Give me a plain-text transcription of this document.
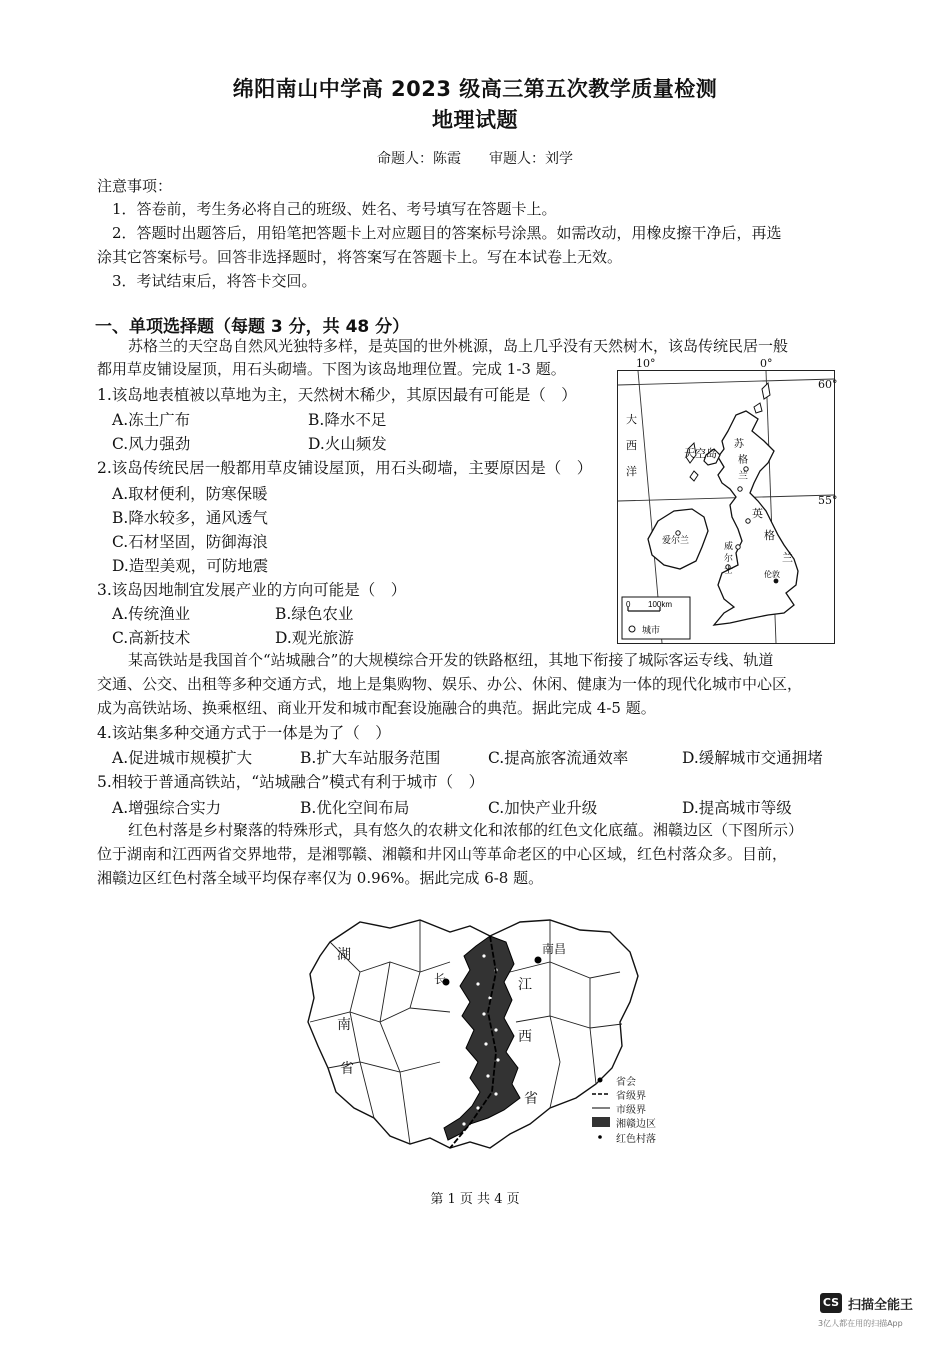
绵阳南山中学高 2023 级高三第五次教学质量检测
地理试题
命题人：陈霞　　审题人：刘学
注意事项：
1．答卷前，考生务必将自己的班级、姓名、考号填写在答题卡上。
2．答题时出题答后，用铅笔把答题卡上对应题目的答案标号涂黑。如需改动，用橡皮擦干净后，再选
涂其它答案标号。回答非选择题时，将答案写在答题卡上。写在本试卷上无效。
3．考试结束后，将答卡交回。
一、单项选择题（每题 3 分，共 48 分）
苏格兰的天空岛自然风光独特多样，是英国的世外桃源，岛上几乎没有天然树木，该岛传统民居一般
都用草皮铺设屋顶，用石头砌墙。下图为该岛地理位置。完成 1-3 题。
1.该岛地表植被以草地为主，天然树木稀少，其原因最有可能是（　）
A.冻土广布	B.降水不足
C.风力强劲	D.火山频发
2.该岛传统民居一般都用草皮铺设屋顶，用石头砌墙，主要原因是（　）
A.取材便利，防寒保暖
B.降水较多，通风透气
C.石材坚固，防御海浪
D.造型美观，可防地震
3.该岛因地制宜发展产业的方向可能是（　）
A.传统渔业	B.绿色农业
C.高新技术	D.观光旅游
天空岛
大
西
洋
苏
格
兰
英
格
兰
威
尔
士
爱尔兰
伦敦
0 100km
城市
10°	0°
60°
55°
某高铁站是我国首个“站城融合”的大规模综合开发的铁路枢纽，其地下衔接了城际客运专线、轨道
交通、公交、出租等多种交通方式，地上是集购物、娱乐、办公、休闲、健康为一体的现代化城市中心区，
成为高铁站场、换乘枢纽、商业开发和城市配套设施融合的典范。据此完成 4-5 题。
4.该站集多种交通方式于一体是为了（　）
A.促进城市规模扩大	B.扩大车站服务范围	C.提高旅客流通效率	D.缓解城市交通拥堵
5.相较于普通高铁站，“站城融合”模式有利于城市（　）
A.增强综合实力	B.优化空间布局	C.加快产业升级	D.提高城市等级
红色村落是乡村聚落的特殊形式，具有悠久的农耕文化和浓郁的红色文化底蕴。湘赣边区（下图所示）
位于湖南和江西两省交界地带，是湘鄂赣、湘赣和井冈山等革命老区的中心区域，红色村落众多。目前，
湘赣边区红色村落全域平均保存率仅为 0.96%。据此完成 6-8 题。
湖
南
省
江
西
省
南昌
长
省会
省级界
市级界
湘赣边区
红色村落
第 1 页 共 4 页
CS 扫描全能王
3亿人都在用的扫描App
